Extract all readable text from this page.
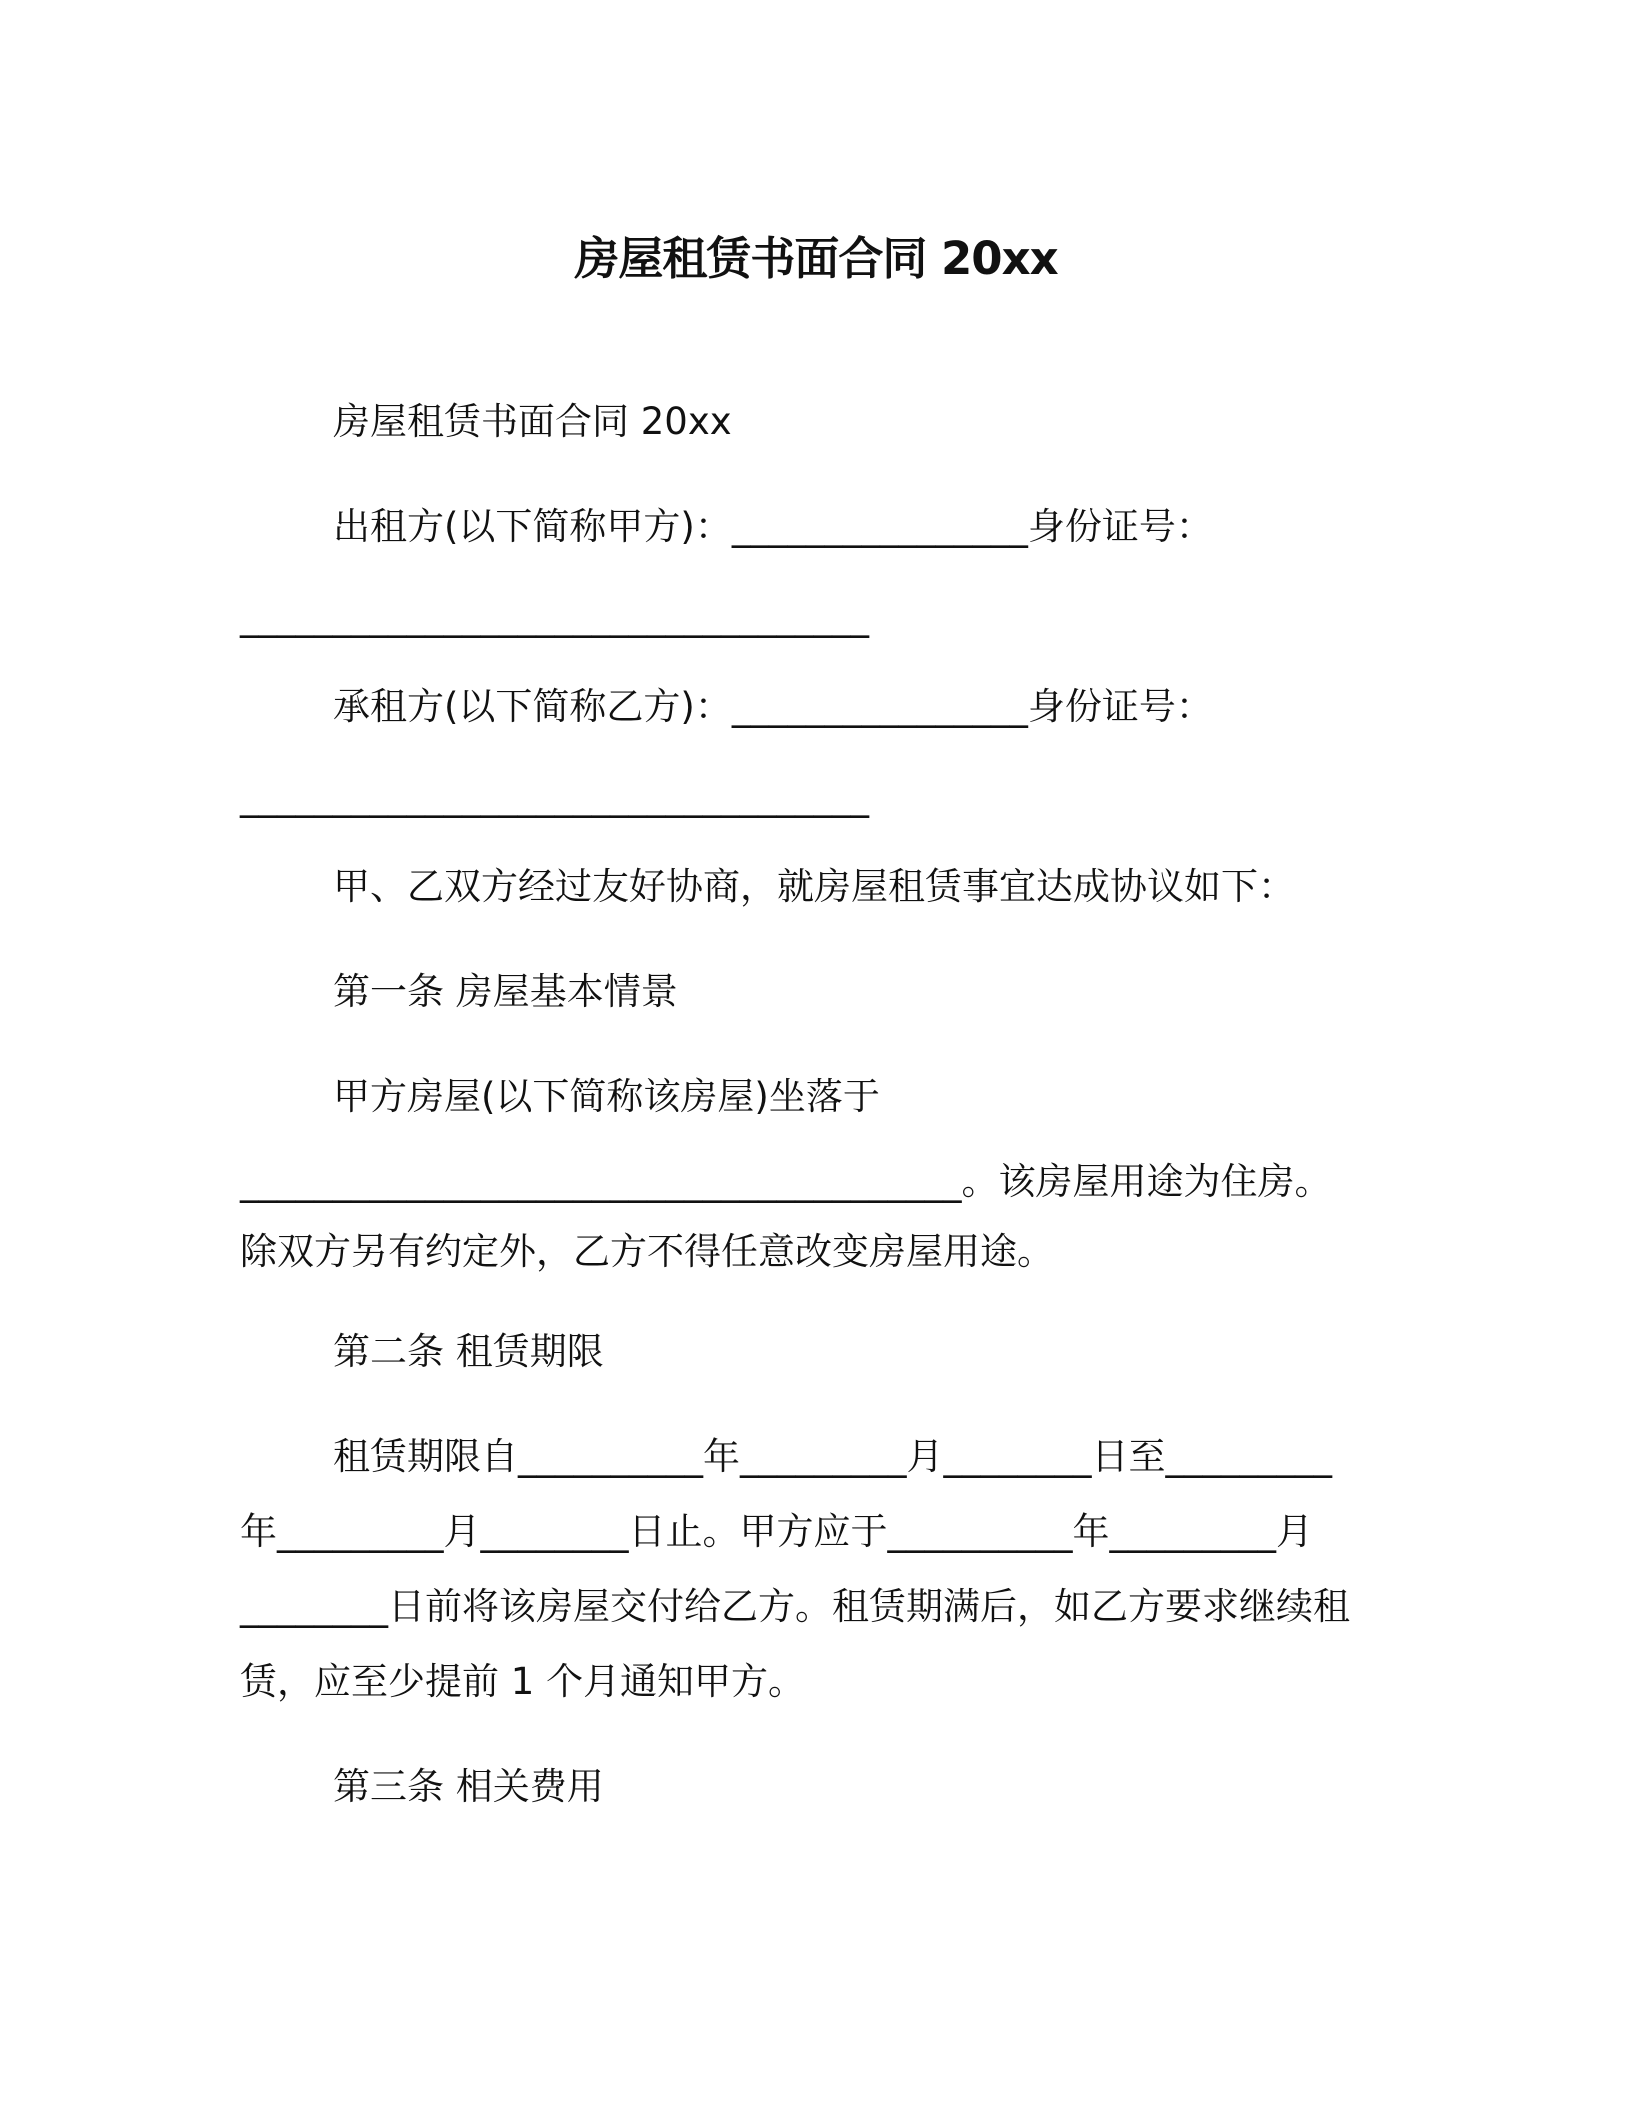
房屋租赁书面合同 20xx
房屋租赁书面合同 20xx
出租方(以下简称甲方)：________________身份证号：
__________________________________
承租方(以下简称乙方)：________________身份证号：
__________________________________
甲、乙双方经过友好协商，就房屋租赁事宜达成协议如下：
第一条 房屋基本情景
甲方房屋(以下简称该房屋)坐落于
_______________________________________。该房屋用途为住房。
除双方另有约定外，乙方不得任意改变房屋用途。
第二条 租赁期限
租赁期限自__________年_________月________日至_________
年_________月________日止。甲方应于__________年_________月
________日前将该房屋交付给乙方。租赁期满后，如乙方要求继续租
赁，应至少提前 1 个月通知甲方。
第三条 相关费用
